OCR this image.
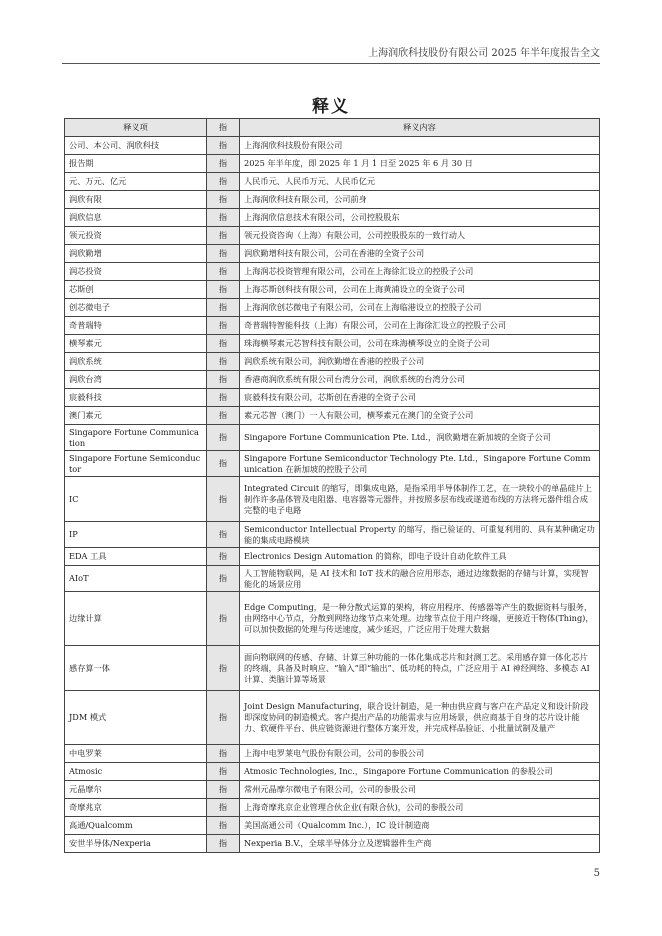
上海润欣科技股份有限公司 2025 年半年度报告全文
释义
释义项	指	释义内容
公司、本公司、润欣科技	指	上海润欣科技股份有限公司
报告期	指	2025 年半年度，即 2025 年 1 月 1 日至 2025 年 6 月 30 日
元、万元、亿元	指	人民币元、人民币万元、人民币亿元
润欣有限	指	上海润欣科技有限公司，公司前身
润欣信息	指	上海润欣信息技术有限公司，公司控股股东
领元投资	指	领元投资咨询（上海）有限公司，公司控股股东的一致行动人
润欣勤增	指	润欣勤增科技有限公司，公司在香港的全资子公司
润芯投资	指	上海润芯投资管理有限公司，公司在上海徐汇设立的控股子公司
芯斯创	指	上海芯斯创科技有限公司，公司在上海黄浦设立的全资子公司
创芯微电子	指	上海润欣创芯微电子有限公司，公司在上海临港设立的控股子公司
奇普瑞特	指	奇普瑞特智能科技（上海）有限公司，公司在上海徐汇设立的控股子公司
横琴素元	指	珠海横琴素元芯智科技有限公司，公司在珠海横琴设立的全资子公司
润欣系统	指	润欣系统有限公司，润欣勤增在香港的控股子公司
润欣台湾	指	香港商润欣系统有限公司台湾分公司，润欣系统的台湾分公司
宸毅科技	指	宸毅科技有限公司，芯斯创在香港的全资子公司
澳门素元	指	素元芯智（澳门）一人有限公司，横琴素元在澳门的全资子公司
Singapore Fortune Communication	指	Singapore Fortune Communication Pte. Ltd.，润欣勤增在新加坡的全资子公司
Singapore Fortune Semiconductor	指	Singapore Fortune Semiconductor Technology Pte. Ltd.，Singapore Fortune Communication 在新加坡的控股子公司
IC	指	Integrated Circuit 的缩写，即集成电路，是指采用半导体制作工艺，在一块较小的单晶硅片上制作许多晶体管及电阻器、电容器等元器件，并按照多层布线或遂道布线的方法将元器件组合成完整的电子电路
IP	指	Semiconductor Intellectual Property 的缩写，指已验证的、可重复利用的、具有某种确定功能的集成电路模块
EDA 工具	指	Electronics Design Automation 的简称，即电子设计自动化软件工具
AIoT	指	人工智能物联网，是 AI 技术和 IoT 技术的融合应用形态，通过边缘数据的存储与计算，实现智能化的场景应用
边缘计算	指	Edge Computing，是一种分散式运算的架构，将应用程序、传感器等产生的数据资料与服务，由网络中心节点，分散到网络边缘节点来处理。边缘节点位于用户终端，更接近于物体(Thing)，可以加快数据的处理与传送速度，减少延迟，广泛应用于处理大数据
感存算一体	指	面向物联网的传感、存储、计算三种功能的一体化集成芯片和封测工艺。采用感存算一体化芯片的终端，具备及时响应、“输入”即“输出”、低功耗的特点，广泛应用于 AI 神经网络、多模态 AI 计算、类脑计算等场景
JDM 模式	指	Joint Design Manufacturing，联合设计制造，是一种由供应商与客户在产品定义和设计阶段即深度协同的制造模式。客户提出产品的功能需求与应用场景，供应商基于自身的芯片设计能力、软硬件平台、供应链资源进行整体方案开发，并完成样品验证、小批量试制及量产
中电罗莱	指	上海中电罗莱电气股份有限公司，公司的参股公司
Atmosic	指	Atmosic Technologies, Inc.，Singapore Fortune Communication 的参股公司
元晶摩尔	指	常州元晶摩尔微电子有限公司，公司的参股公司
奇摩兆京	指	上海奇摩兆京企业管理合伙企业(有限合伙)，公司的参股公司
高通/Qualcomm	指	美国高通公司（Qualcomm Inc.），IC 设计制造商
安世半导体/Nexperia	指	Nexperia B.V.，全球半导体分立及逻辑器件生产商
5
